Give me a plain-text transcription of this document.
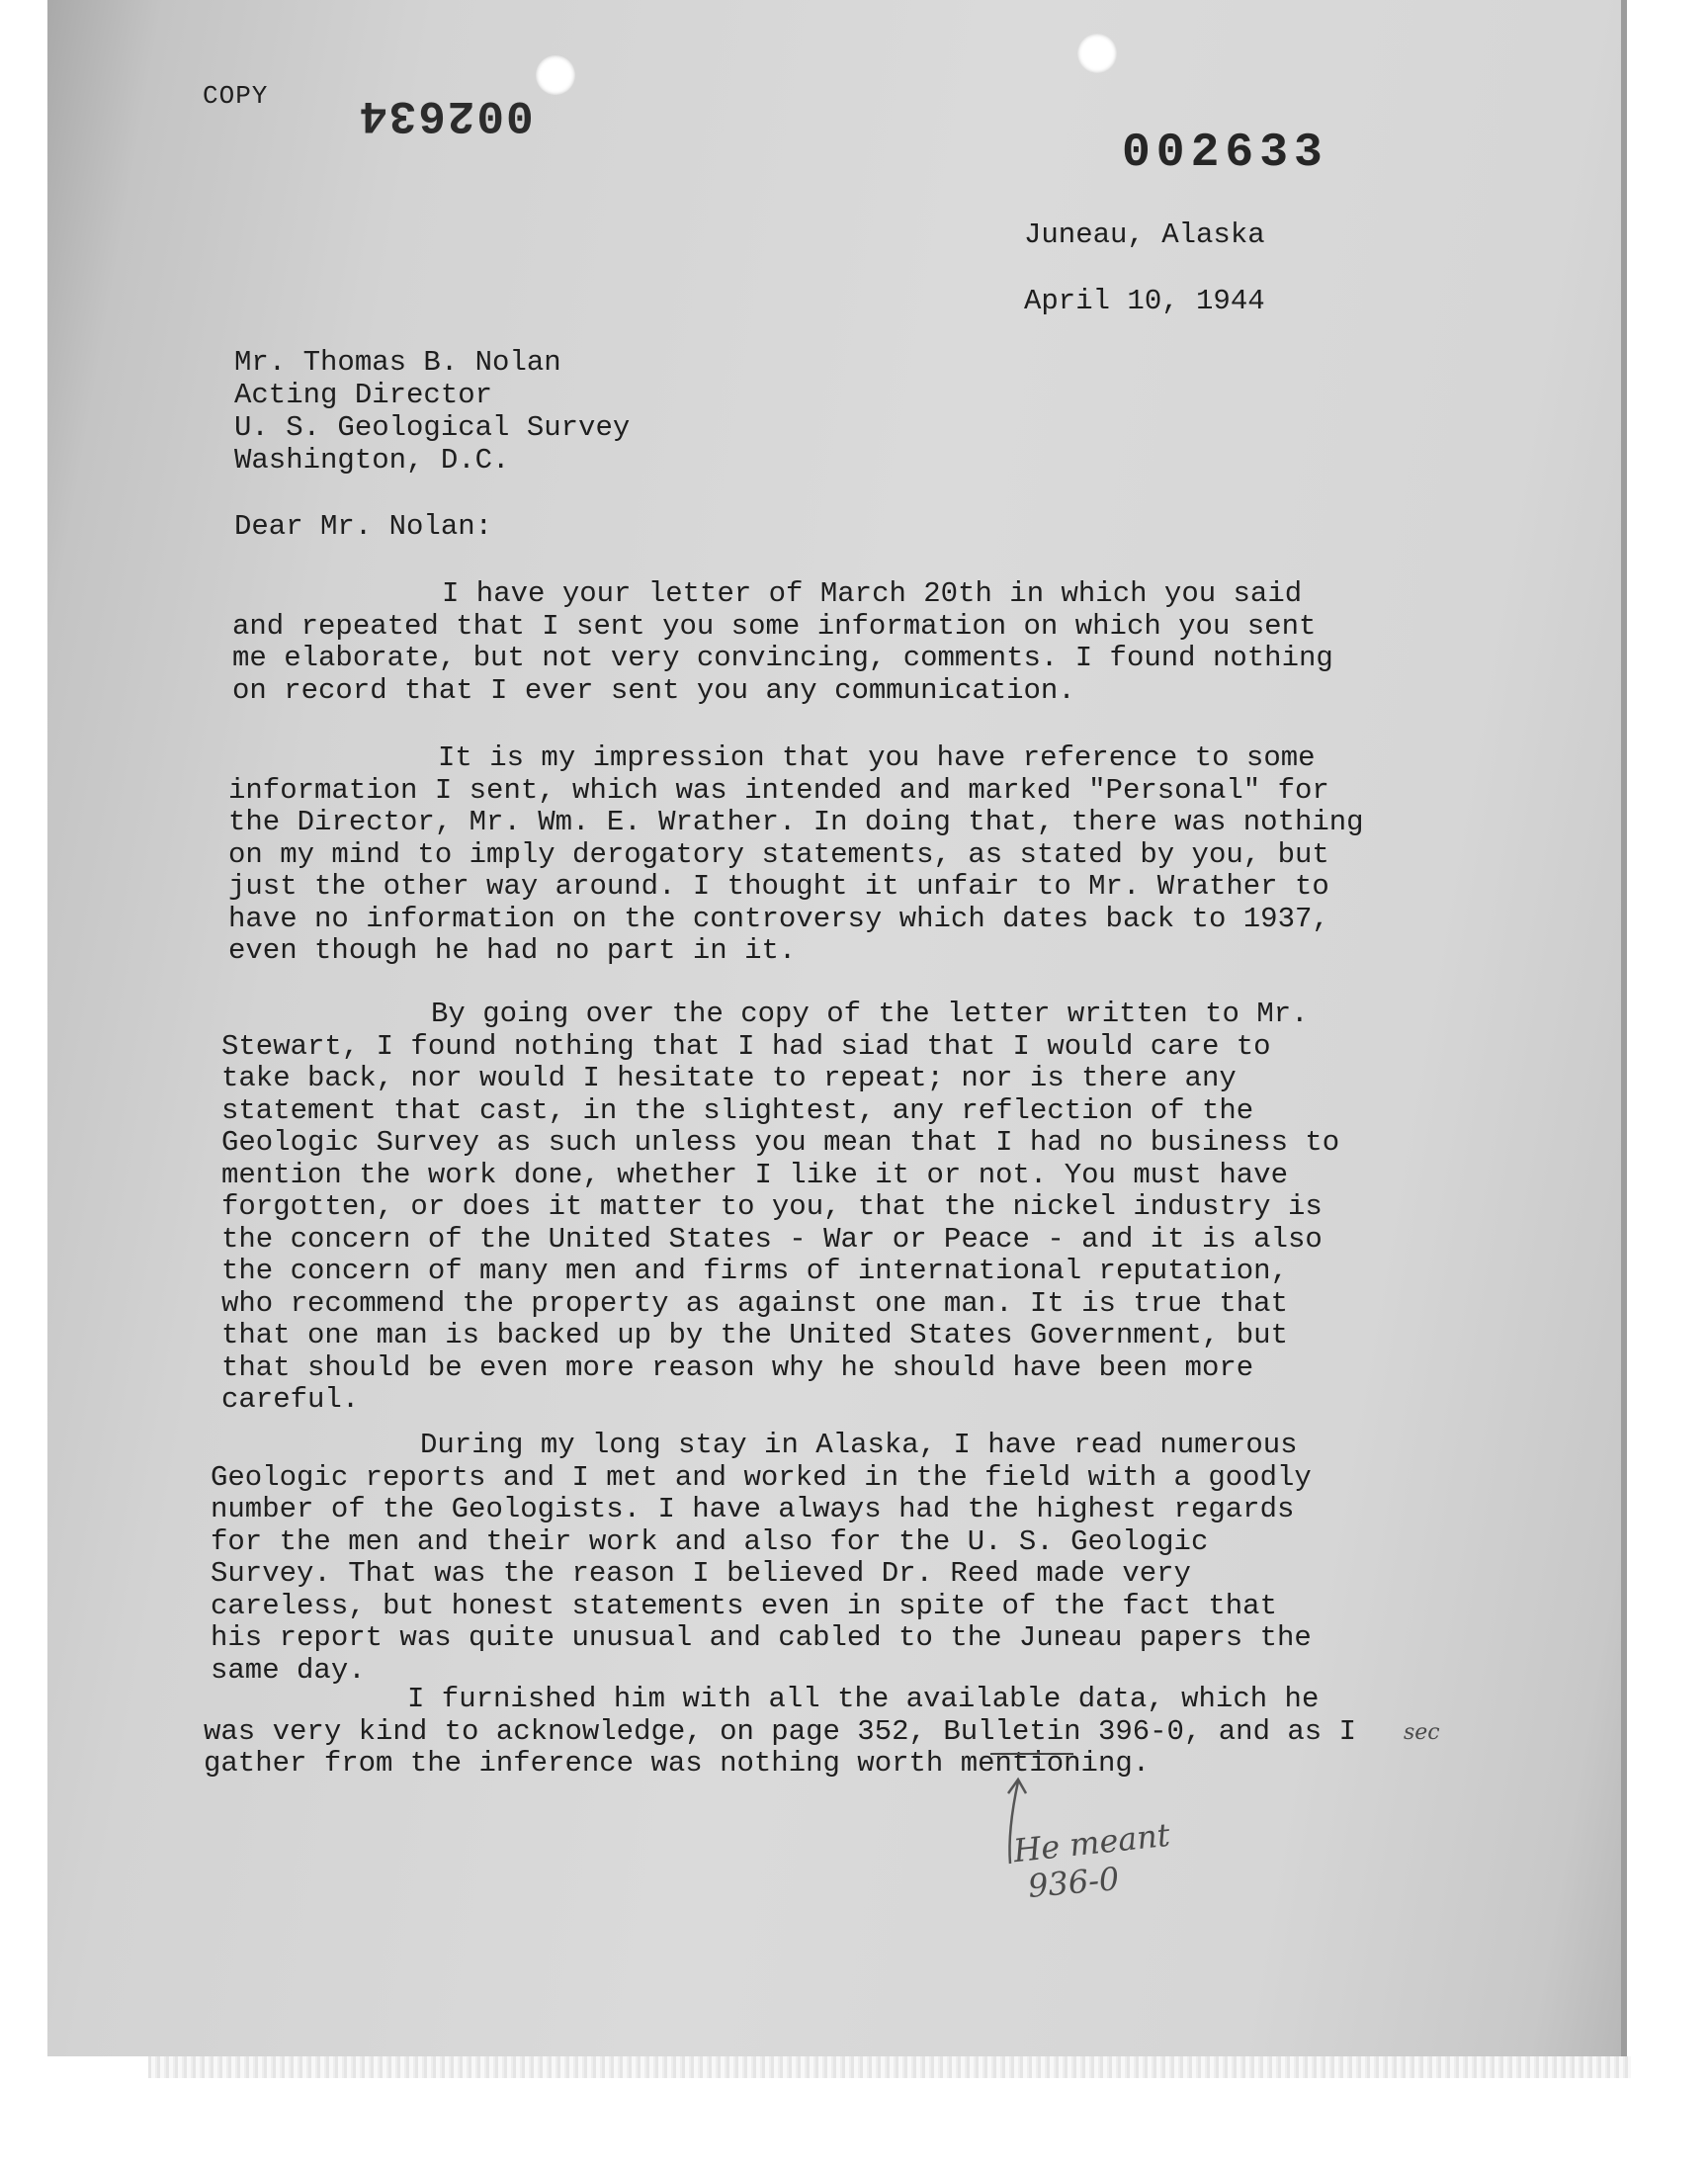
COPY 002634
002633
Juneau, Alaska
April 10, 1944
Mr. Thomas B. Nolan
Acting Director
U. S. Geological Survey
Washington, D.C.
Dear Mr. Nolan:
I have your letter of March 20th in which you said and repeated that I sent you some information on which you sent me elaborate, but not very convincing, comments. I found nothing on record that I ever sent you any communication.
It is my impression that you have reference to some information I sent, which was intended and marked "Personal" for the Director, Mr. Wm. E. Wrather. In doing that, there was nothing on my mind to imply derogatory statements, as stated by you, but just the other way around. I thought it unfair to Mr. Wrather to have no information on the controversy which dates back to 1937, even though he had no part in it.
By going over the copy of the letter written to Mr. Stewart, I found nothing that I had siad that I would care to take back, nor would I hesitate to repeat; nor is there any statement that cast, in the slightest, any reflection of the Geologic Survey as such unless you mean that I had no business to mention the work done, whether I like it or not. You must have forgotten, or does it matter to you, that the nickel industry is the concern of the United States - War or Peace - and it is also the concern of many men and firms of international reputation, who recommend the property as against one man. It is true that that one man is backed up by the United States Government, but that should be even more reason why he should have been more careful.
During my long stay in Alaska, I have read numerous Geologic reports and I met and worked in the field with a goodly number of the Geologists. I have always had the highest regards for the men and their work and also for the U. S. Geologic Survey. That was the reason I believed Dr. Reed made very careless, but honest statements even in spite of the fact that his report was quite unusual and cabled to the Juneau papers the same day.
I furnished him with all the available data, which he was very kind to acknowledge, on page 352, Bulletin 396-0, and as I gather from the inference was nothing worth mentioning.
sec
He meant
936-0
